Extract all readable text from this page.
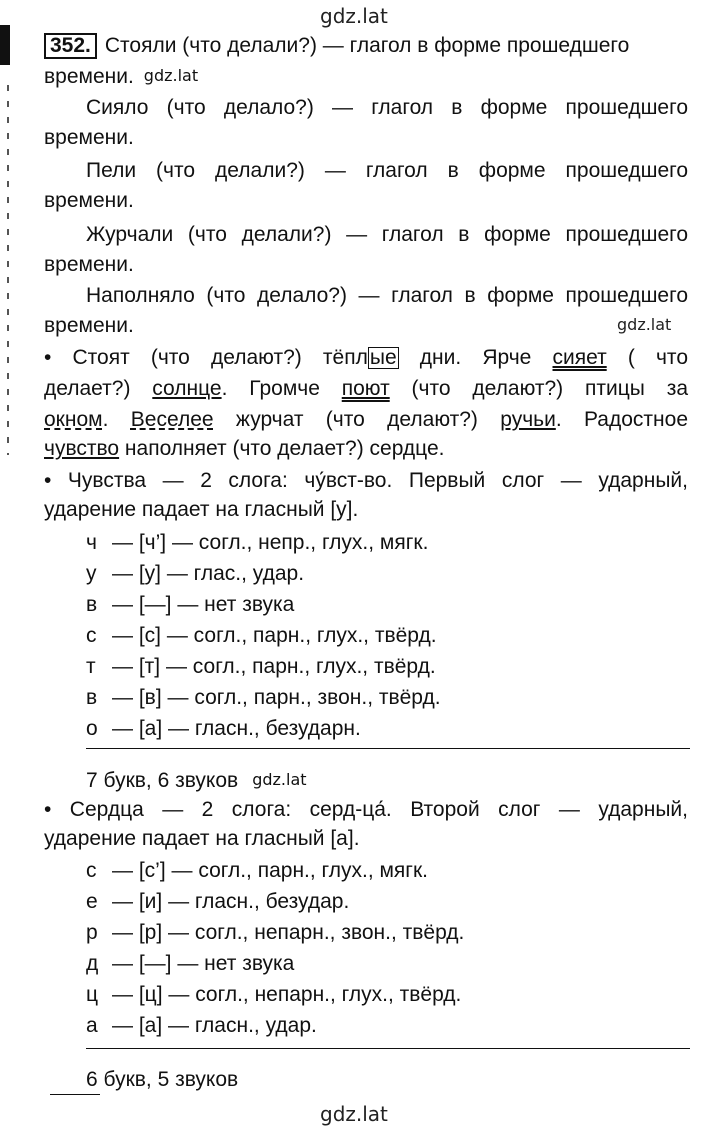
gdz.lat
352. Стояли (что делали?) — глагол в форме прошедшего
времени. gdz.lat
Сияло (что делало?) — глагол в форме прошедшего
времени.
Пели (что делали?) — глагол в форме прошедшего
времени.
Журчали (что делали?) — глагол в форме прошедшего
времени.
Наполняло (что делало?) — глагол в форме прошедшего
времени.	gdz.lat
• Стоят (что делают?) тёплые дни. Ярче сияет ( что
делает?) солнце. Громче поют (что делают?) птицы за
окном. Веселее журчат (что делают?) ручьи. Радостное
чувство наполняет (что делает?) сердце.
• Чувства — 2 слога: чу́вст-во. Первый слог — ударный,
ударение падает на гласный [у].
ч — [ч’] — согл., непр., глух., мягк.
у — [у] — глас., удар.
в — [—] — нет звука
с — [с] — согл., парн., глух., твёрд.
т — [т] — согл., парн., глух., твёрд.
в — [в] — согл., парн., звон., твёрд.
о — [а] — гласн., безударн.
7 букв, 6 звуков gdz.lat
• Сердца — 2 слога: серд-ца́. Второй слог — ударный,
ударение падает на гласный [а].
с — [с’] — согл., парн., глух., мягк.
е — [и] — гласн., безудар.
р — [р] — согл., непарн., звон., твёрд.
д — [—] — нет звука
ц — [ц] — согл., непарн., глух., твёрд.
а — [а] — гласн., удар.
6 букв, 5 звуков
gdz.lat
